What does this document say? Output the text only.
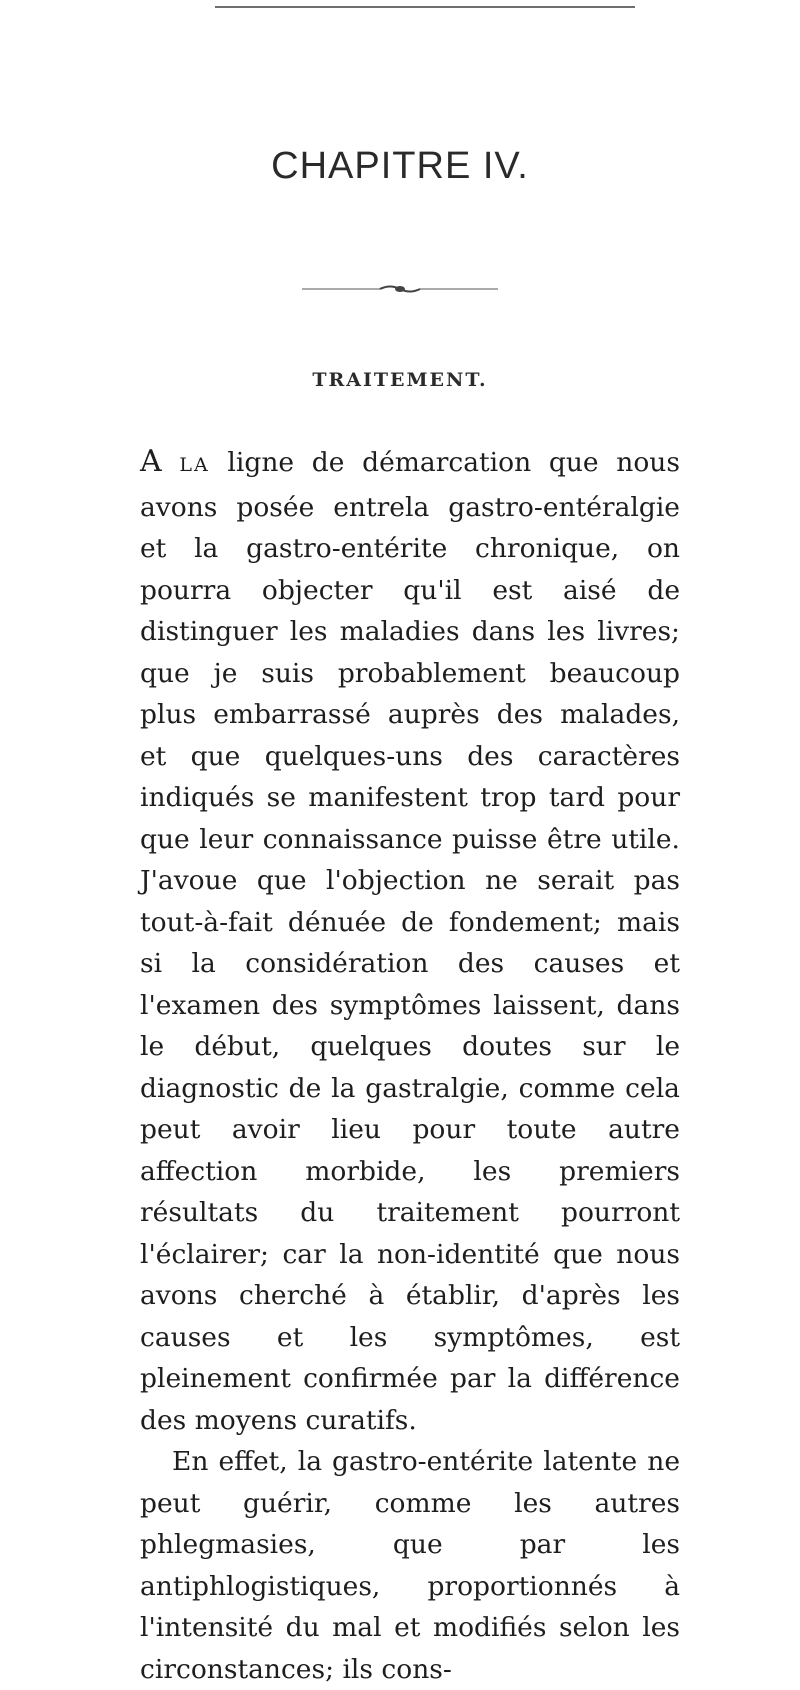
CHAPITRE IV.
TRAITEMENT.

A LA ligne de démarcation que nous avons posée entrela gastro-entéralgie et la gastro-entérite chronique, on pourra objecter qu'il est aisé de distinguer les maladies dans les livres; que je suis probablement beaucoup plus embarrassé auprès des malades, et que quelques-uns des caractères indiqués se manifestent trop tard pour que leur connaissance puisse être utile. J'avoue que l'objection ne serait pas tout-à-fait dénuée de fondement; mais si la considération des causes et l'examen des symptômes laissent, dans le début, quelques doutes sur le diagnostic de la gastralgie, comme cela peut avoir lieu pour toute autre affection morbide, les premiers résultats du traitement pourront l'éclairer; car la non-identité que nous avons cherché à établir, d'après les causes et les symptômes, est pleinement confirmée par la différence des moyens curatifs.

En effet, la gastro-entérite latente ne peut guérir, comme les autres phlegmasies, que par les antiphlogistiques, proportionnés à l'intensité du mal et modifiés selon les circonstances; ils cons-
